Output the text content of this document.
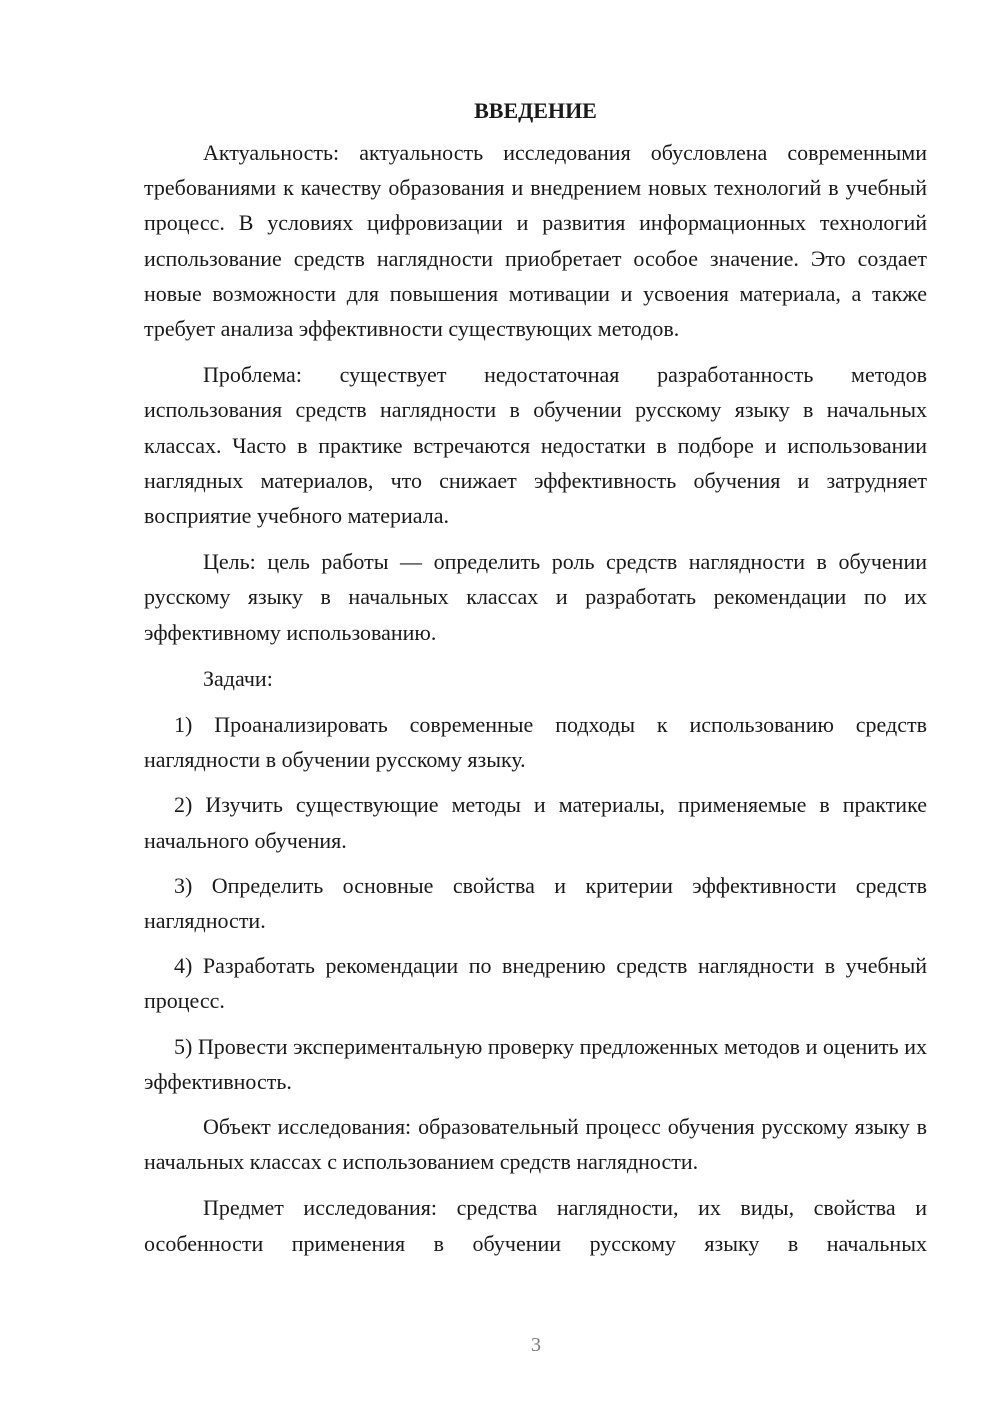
ВВЕДЕНИЕ

Актуальность: актуальность исследования обусловлена современными требованиями к качеству образования и внедрением новых технологий в учебный процесс. В условиях цифровизации и развития информационных технологий использование средств наглядности приобретает особое значение. Это создает новые возможности для повышения мотивации и усвоения материала, а также требует анализа эффективности существующих методов.

Проблема: существует недостаточная разработанность методов использования средств наглядности в обучении русскому языку в начальных классах. Часто в практике встречаются недостатки в подборе и использовании наглядных материалов, что снижает эффективность обучения и затрудняет восприятие учебного материала.

Цель: цель работы — определить роль средств наглядности в обучении русскому языку в начальных классах и разработать рекомендации по их эффективному использованию.

Задачи:

1) Проанализировать современные подходы к использованию средств наглядности в обучении русскому языку.

2) Изучить существующие методы и материалы, применяемые в практике начального обучения.

3) Определить основные свойства и критерии эффективности средств наглядности.

4) Разработать рекомендации по внедрению средств наглядности в учебный процесс.

5) Провести экспериментальную проверку предложенных методов и оценить их эффективность.

Объект исследования: образовательный процесс обучения русскому языку в начальных классах с использованием средств наглядности.

Предмет исследования: средства наглядности, их виды, свойства и особенности применения в обучении русскому языку в начальных

3
